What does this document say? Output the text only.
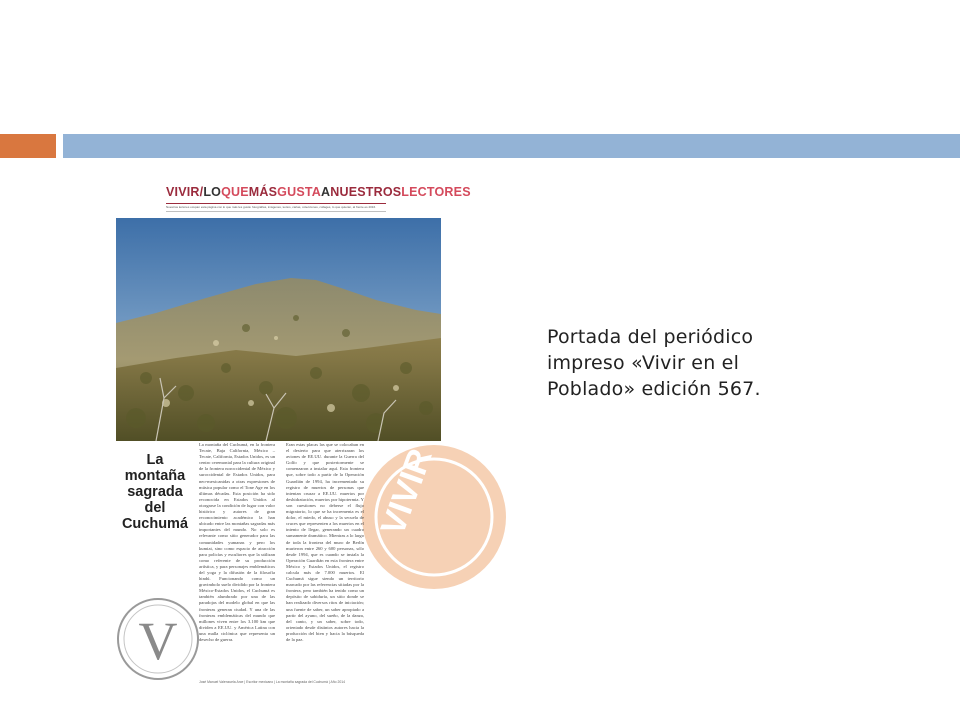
VIVIR/LOQUEMÁSGUSTAANUESTROSLECTORES
Nuestros lectores ocupan esta página con lo que más les gusta: fotografías, imágenes, textos, cartas, colecciones, collages, lo que quieran, al frente es 2016.
VIVIR
La montaña
sagrada
del Cuchumá
La montaña del Cuchumá, en la frontera Tecate, Baja California, México – Tecate, California, Estados Unidos, es un centro ceremonial para la cultura original de la frontera noroccidental de México y suroccidental de Estados Unidos, para neo-mexicanidas a otras expresiones de música popular como el Tone Age en los últimas décadas. Esta posición ha sido reconocida en Estados Unidos al otorgarse la condición de lugar con valor histórico y autores de gran reconocimiento académico la han ubicado entre las montañas sagradas más importantes del mundo. No solo es relevante como sitio generador para las comunidades yumanas y pero los kumiai, sino como espacio de atracción para policías y escultores que la utilizan como referente de su producción artística, y para personajes emblemáticos del yoga y la difusión de la filosofía hindú. Funcionando como un gravimbolo suelo dividido por la frontera México-Estados Unidos, el Cuchumá es también alumbrado por una de las paradojas del modelo global en que las fronteras generan ciudad. Y una de las fronteras emblemáticas del mundo que millones viven entre los 3.100 km que dividen a EE.UU. y América Latina con una malla ciclónica que representa un desecho de guerra.
Eran estas placas las que se colocaban en el desierto para que aterrizaran los aviones de EE.UU. durante la Guerra del Golfo y que posteriormente se comenzaron a instalar aquí. Esta frontera que, sobre todo a partir de la Operación Guardián de 1994, ha incrementado su registro de muertos de personas que intentan cruzar a EE.UU. muertos por deshidratación, muertos por hipotermia. Y son cuestiones no deberse el flujo migratorio, lo que se ha incrementa es el dolor, el miedo, el abuso y la secuela de cruces que representen a los muertos en el intento de llegar, generando un cuadro sumamente dramático. Mientras a lo largo de toda la frontera del muro de Berlín murieron entre 260 y 600 personas, sólo desde 1994, que es cuando se instala la Operación Guardián en esta frontera entre México y Estados Unidos, el registro calcula más de 7.000 muertos. El Cuchumá sigue siendo un territorio marcado por las referencias sitiadas por la frontera, pero también ha tenido como un depósito de sabiduría, un sitio donde se han realizado diversos ritos de iniciación; una fuente de saber, un saber apropiado a partir del ayuno, del sueño, de la danza, del canto, y un saber, sobre todo, orientado desde distintos autores hacia la producción del bien y hacia la búsqueda de la paz.
V
José Manuel Valenzuela Arce | Escritor mexicano | La montaña sagrada del Cuchumá | Año 2014
Portada del periódico
impreso «Vivir en el
Poblado» edición 567.
